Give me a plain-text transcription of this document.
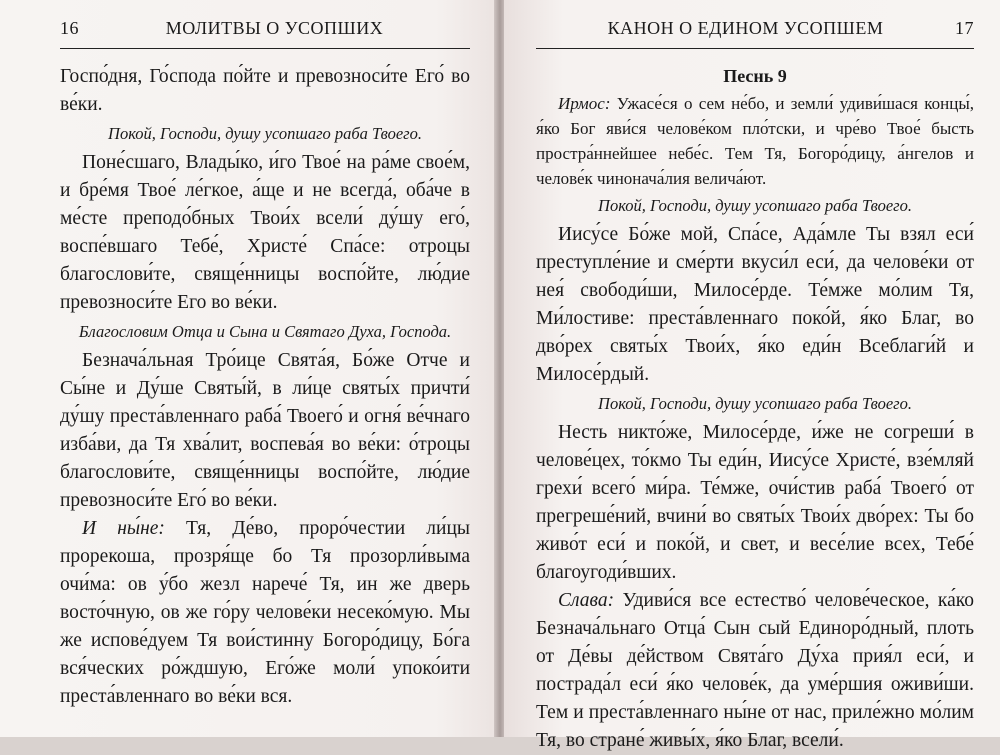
16	МОЛИТВЫ О УСОПШИХ

Госпо́дня, Го́спода по́йте и превозноси́те Его́ во ве́ки.

Покой, Господи, душу усопшаго раба Твоего.

Поне́сшаго, Влады́ко, и́го Твое́ на ра́ме свое́м, и бре́мя Твое́ ле́гкое, а́ще и не всегда́, оба́че в ме́сте преподо́бных Твои́х всели́ ду́шу его́, воспе́вшаго Тебе́, Христе́ Спа́се: отроцы благослови́те, свяще́нницы воспо́йте, лю́дие превозноси́те Его во ве́ки.

Благословим Отца и Сына и Святаго Духа, Господа.

Безнача́льная Тро́ице Свята́я, Бо́же Отче и Сы́не и Ду́ше Святы́й, в ли́це святы́х причти́ ду́шу преста́вленнаго раба́ Твоего́ и огня́ ве́чнаго изба́ви, да Тя хва́лит, воспева́я во ве́ки: о́троцы благослови́те, свяще́нницы воспо́йте, лю́дие превозноси́те Его́ во ве́ки.

И ны́не: Тя, Де́во, проро́честии ли́цы прорекоша, прозря́ще бо Тя прозорли́выма очи́ма: ов у́бо жезл нарече́ Тя, ин же дверь восто́чную, ов же го́ру челове́ки несеко́мую. Мы же испове́дуем Тя вои́стинну Богоро́дицу, Бо́га вся́ческих ро́ждшую, Его́же моли́ упоко́ити преста́вленнаго во ве́ки вся.

КАНОН О ЕДИНОМ УСОПШЕМ	17

Песнь 9

Ирмос: Ужасе́ся о сем не́бо, и земли́ удиви́шася концы́, я́ко Бог яви́ся челове́ком пло́тски, и чре́во Твое́ бысть простра́ннейшее небе́с. Тем Тя, Богоро́дицу, а́нгелов и челове́к чинонача́лия велича́ют.

Покой, Господи, душу усопшаго раба Твоего.

Иису́се Бо́же мой, Спа́се, Ада́мле Ты взял еси́ преступле́ние и сме́рти вкуси́л еси́, да челове́ки от нея́ свободи́ши, Милосе́рде. Те́мже мо́лим Тя, Ми́лостиве: преста́вленнаго поко́й, я́ко Благ, во дво́рех святы́х Твои́х, я́ко еди́н Всеблаги́й и Милосе́рдый.

Покой, Господи, душу усопшаго раба Твоего.

Несть никто́же, Милосе́рде, и́же не согреши́ в челове́цех, то́кмо Ты еди́н, Иису́се Христе́, взе́мляй грехи́ всего́ ми́ра. Те́мже, очи́стив раба́ Твоего́ от прегреше́ний, вчини́ во святы́х Твои́х дво́рех: Ты бо живо́т еси́ и поко́й, и свет, и весе́лие всех, Тебе́ благоугоди́вших.

Слава: Удиви́ся все естество́ челове́ческое, ка́ко Безнача́льнаго Отца́ Сын сый Единоро́дный, плоть от Де́вы де́йством Свята́го Ду́ха прия́л еси́, и пострада́л еси́ я́ко челове́к, да уме́ршия оживи́ши. Тем и преста́вленнаго ны́не от нас, приле́жно мо́лим Тя, во стране́ живы́х, я́ко Благ, всели́.
